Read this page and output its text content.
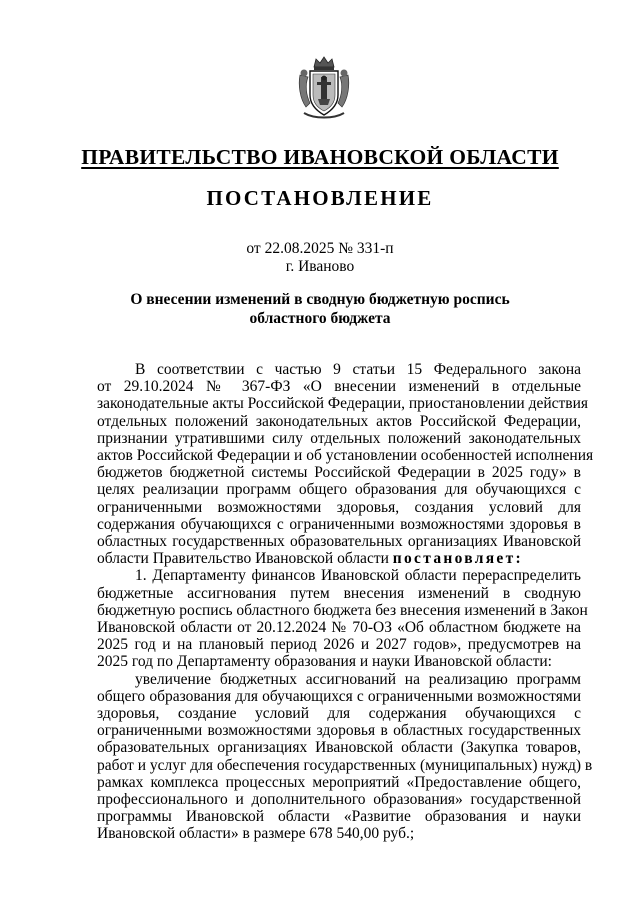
ПРАВИТЕЛЬСТВО ИВАНОВСКОЙ ОБЛАСТИ
ПОСТАНОВЛЕНИЕ
от 22.08.2025 № 331-п
г. Иваново
О внесении изменений в сводную бюджетную роспись
областного бюджета
В соответствии с частью 9 статьи 15 Федерального закона
от 29.10.2024 № 367-ФЗ «О внесении изменений в отдельные
законодательные акты Российской Федерации, приостановлении действия
отдельных положений законодательных актов Российской Федерации,
признании утратившими силу отдельных положений законодательных
актов Российской Федерации и об установлении особенностей исполнения
бюджетов бюджетной системы Российской Федерации в 2025 году» в
целях реализации программ общего образования для обучающихся с
ограниченными возможностями здоровья, создания условий для
содержания обучающихся с ограниченными возможностями здоровья в
областных государственных образовательных организациях Ивановской
области Правительство Ивановской области постановляет:
1. Департаменту финансов Ивановской области перераспределить
бюджетные ассигнования путем внесения изменений в сводную
бюджетную роспись областного бюджета без внесения изменений в Закон
Ивановской области от 20.12.2024 № 70-ОЗ «Об областном бюджете на
2025 год и на плановый период 2026 и 2027 годов», предусмотрев на
2025 год по Департаменту образования и науки Ивановской области:
увеличение бюджетных ассигнований на реализацию программ
общего образования для обучающихся с ограниченными возможностями
здоровья, создание условий для содержания обучающихся с
ограниченными возможностями здоровья в областных государственных
образовательных организациях Ивановской области (Закупка товаров,
работ и услуг для обеспечения государственных (муниципальных) нужд) в
рамках комплекса процессных мероприятий «Предоставление общего,
профессионального и дополнительного образования» государственной
программы Ивановской области «Развитие образования и науки
Ивановской области» в размере 678 540,00 руб.;
